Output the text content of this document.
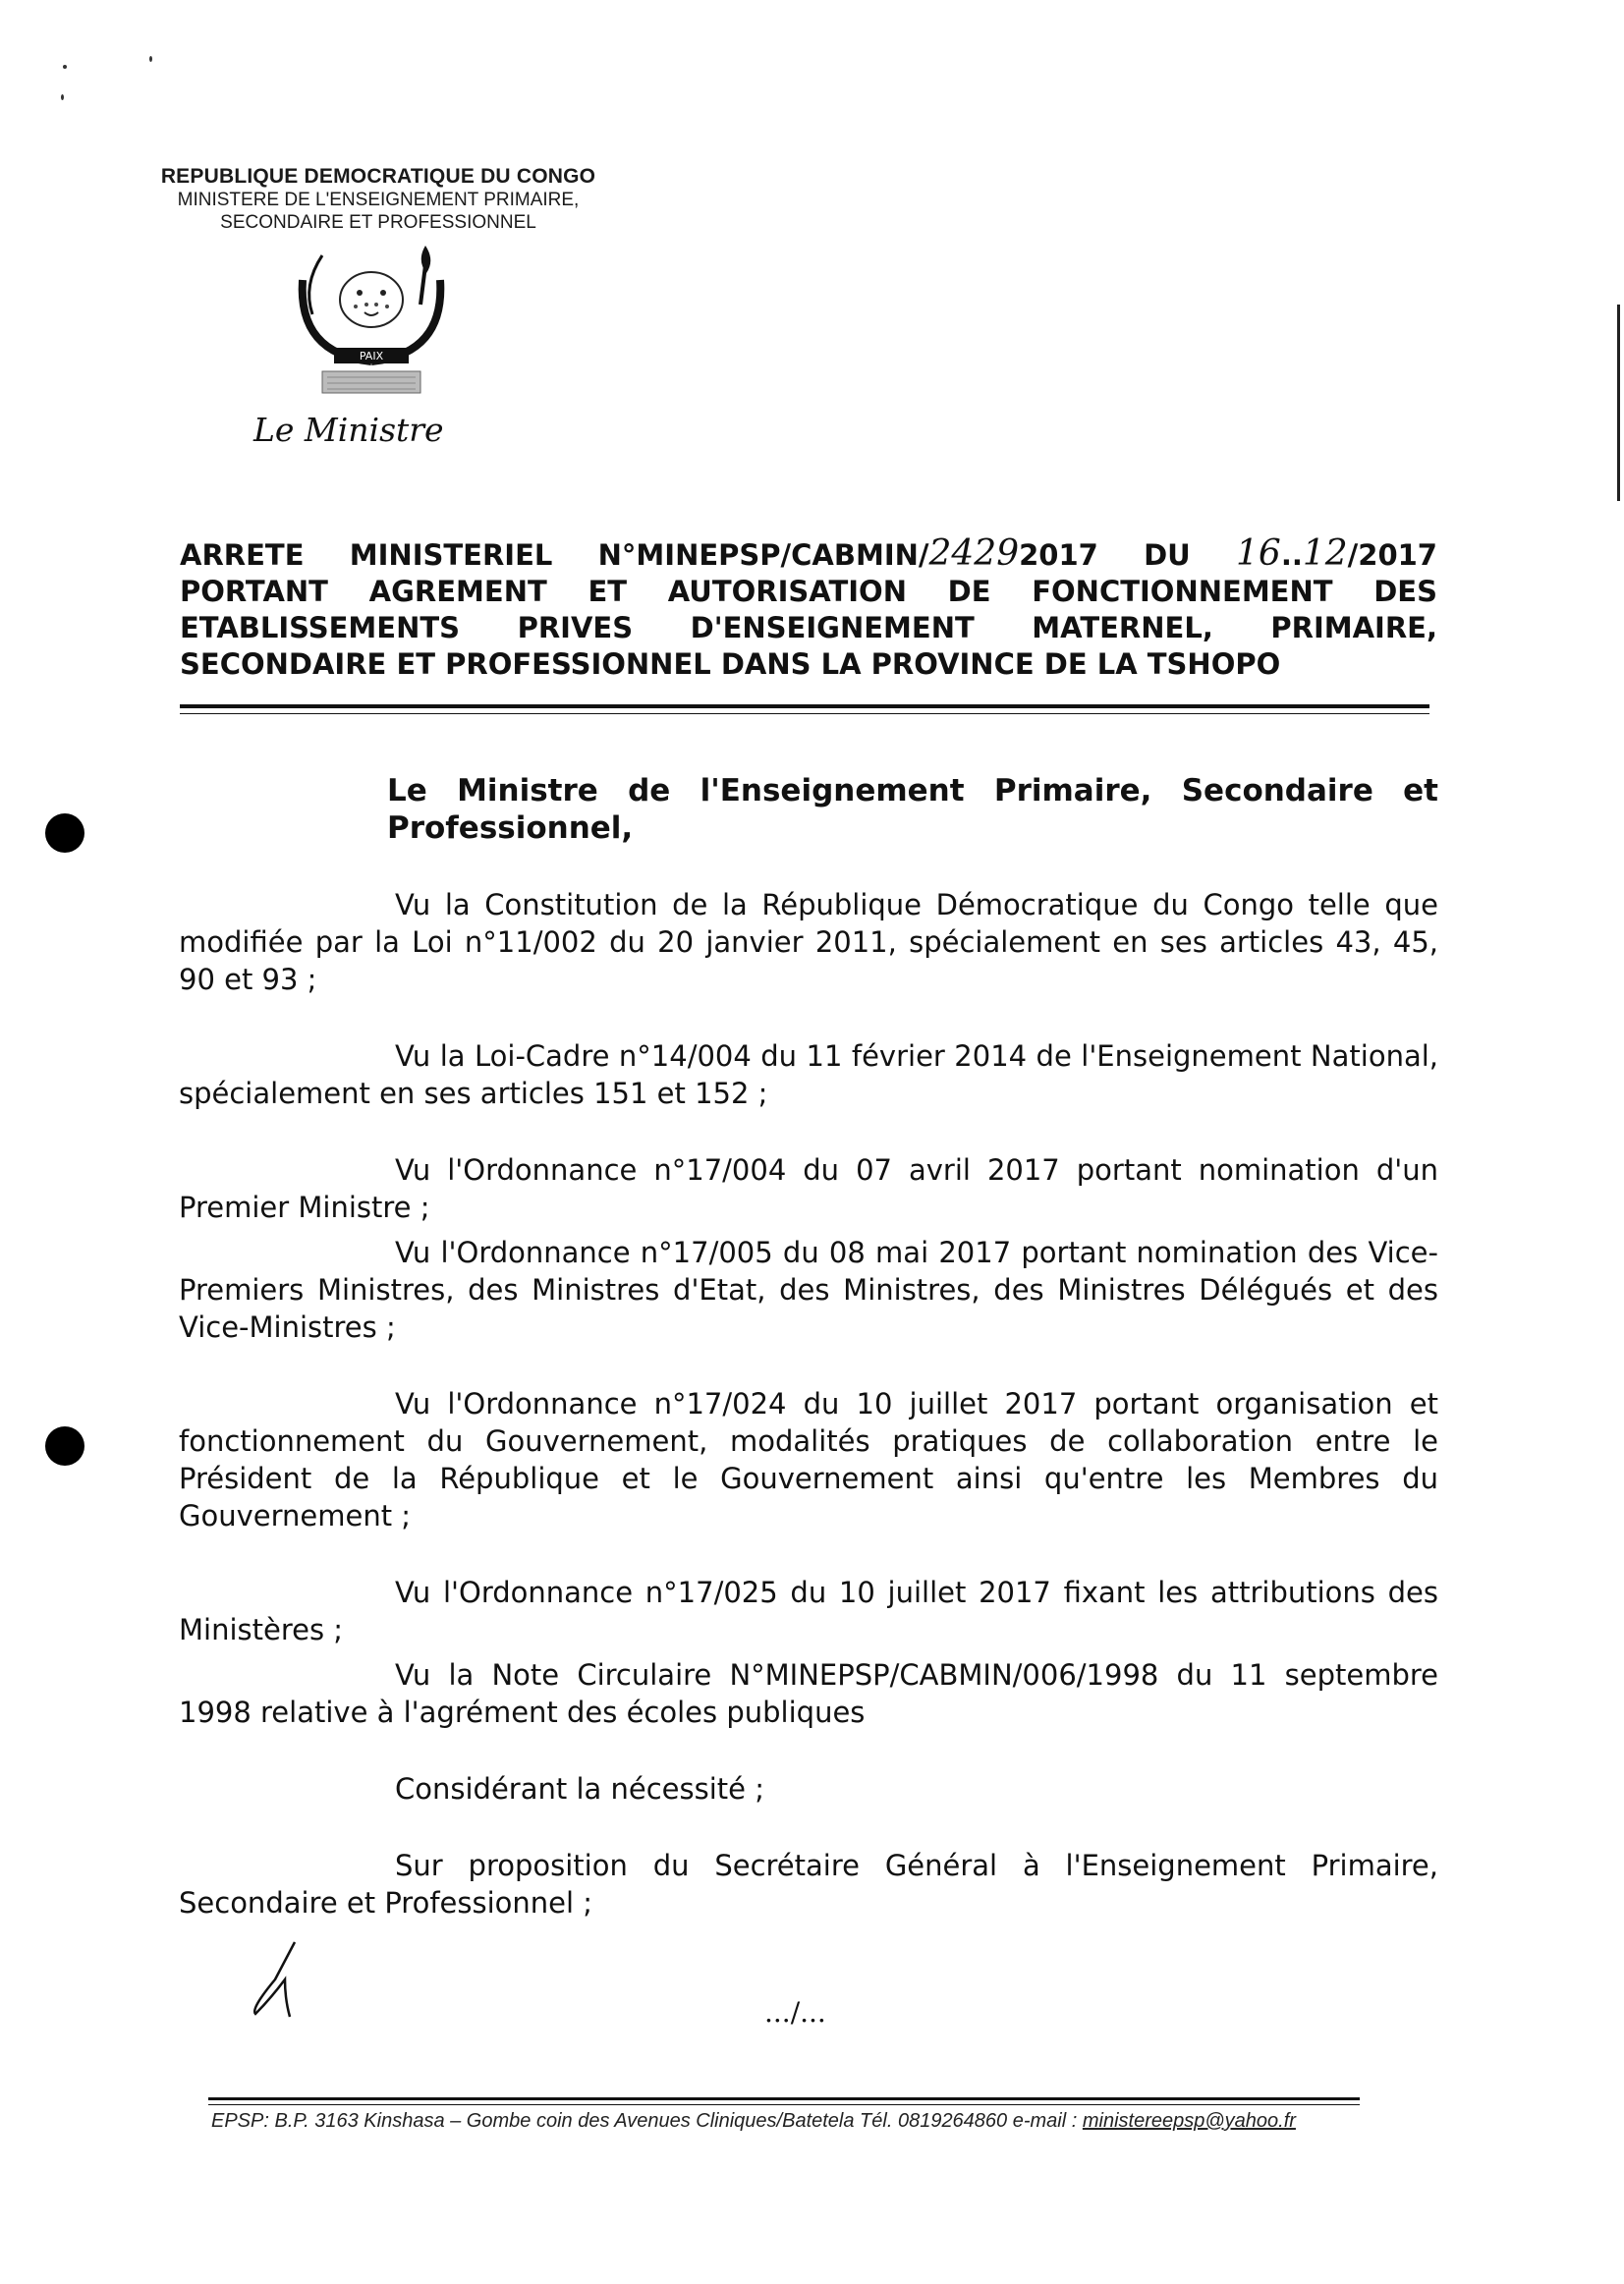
REPUBLIQUE DEMOCRATIQUE DU CONGO
MINISTERE DE L'ENSEIGNEMENT PRIMAIRE,
SECONDAIRE ET PROFESSIONNEL
PAIX
Le Ministre
ARRETE MINISTERIEL N°MINEPSP/CABMIN/24292017 DU 16..12/2017
PORTANT AGREMENT ET AUTORISATION DE FONCTIONNEMENT DES
ETABLISSEMENTS PRIVES D'ENSEIGNEMENT MATERNEL, PRIMAIRE,
SECONDAIRE ET PROFESSIONNEL DANS LA PROVINCE DE LA TSHOPO

Le Ministre de l'Enseignement Primaire, Secondaire et Professionnel,

Vu la Constitution de la République Démocratique du Congo telle que modifiée par la Loi n°11/002 du 20 janvier 2011, spécialement en ses articles 43, 45, 90 et 93 ;

Vu la Loi-Cadre n°14/004 du 11 février 2014 de l'Enseignement National, spécialement en ses articles 151 et 152 ;

Vu l'Ordonnance n°17/004 du 07 avril 2017 portant nomination d'un Premier Ministre ;

Vu l'Ordonnance n°17/005 du 08 mai 2017 portant nomination des Vice-Premiers Ministres, des Ministres d'Etat, des Ministres, des Ministres Délégués et des Vice-Ministres ;

Vu l'Ordonnance n°17/024 du 10 juillet 2017 portant organisation et fonctionnement du Gouvernement, modalités pratiques de collaboration entre le Président de la République et le Gouvernement ainsi qu'entre les Membres du Gouvernement ;

Vu l'Ordonnance n°17/025 du 10 juillet 2017 fixant les attributions des Ministères ;

Vu la Note Circulaire N°MINEPSP/CABMIN/006/1998 du 11 septembre 1998 relative à l'agrément des écoles publiques

Considérant la nécessité ;

Sur proposition du Secrétaire Général à l'Enseignement Primaire, Secondaire et Professionnel ;

.../...
EPSP: B.P. 3163 Kinshasa – Gombe coin des Avenues Cliniques/Batetela Tél. 0819264860 e-mail : ministereepsp@yahoo.fr
